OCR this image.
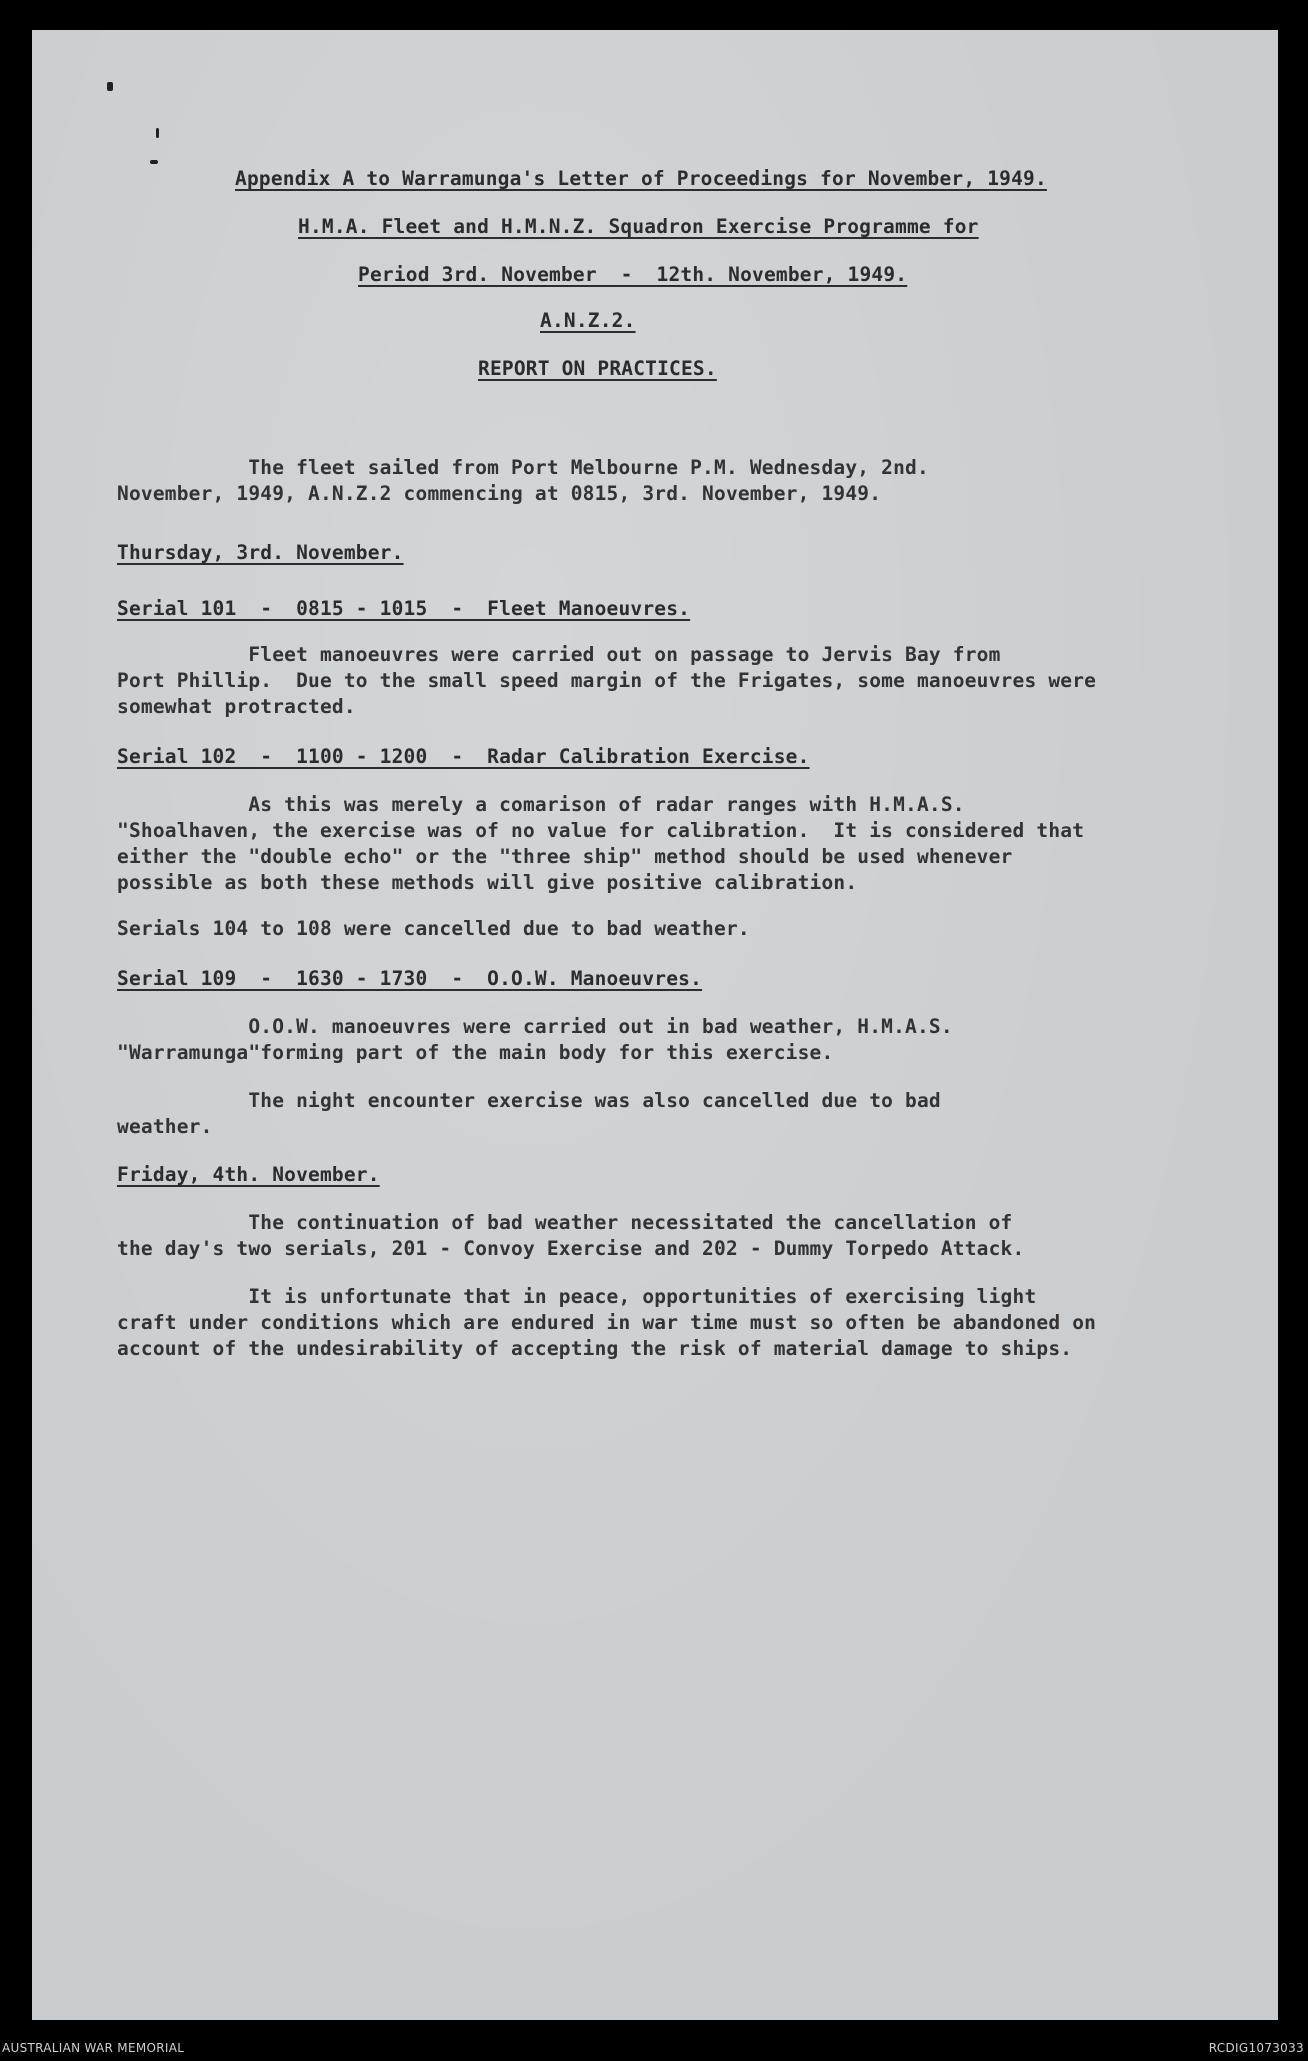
Appendix A to Warramunga's Letter of Proceedings for November, 1949.
H.M.A. Fleet and H.M.N.Z. Squadron Exercise Programme for
Period 3rd. November  -  12th. November, 1949.
A.N.Z.2.
REPORT ON PRACTICES.
The fleet sailed from Port Melbourne P.M. Wednesday, 2nd.
November, 1949, A.N.Z.2 commencing at 0815, 3rd. November, 1949.
Thursday, 3rd. November.
Serial 101  -  0815 - 1015  -  Fleet Manoeuvres.
Fleet manoeuvres were carried out on passage to Jervis Bay from
Port Phillip.  Due to the small speed margin of the Frigates, some manoeuvres were
somewhat protracted.
Serial 102  -  1100 - 1200  -  Radar Calibration Exercise.
As this was merely a comarison of radar ranges with H.M.A.S.
"Shoalhaven, the exercise was of no value for calibration.  It is considered that
either the "double echo" or the "three ship" method should be used whenever
possible as both these methods will give positive calibration.
Serials 104 to 108 were cancelled due to bad weather.
Serial 109  -  1630 - 1730  -  O.O.W. Manoeuvres.
O.O.W. manoeuvres were carried out in bad weather, H.M.A.S.
"Warramunga"forming part of the main body for this exercise.
The night encounter exercise was also cancelled due to bad
weather.
Friday, 4th. November.
The continuation of bad weather necessitated the cancellation of
the day's two serials, 201 - Convoy Exercise and 202 - Dummy Torpedo Attack.
It is unfortunate that in peace, opportunities of exercising light
craft under conditions which are endured in war time must so often be abandoned on
account of the undesirability of accepting the risk of material damage to ships.
AUSTRALIAN WAR MEMORIAL	RCDIG1073033
